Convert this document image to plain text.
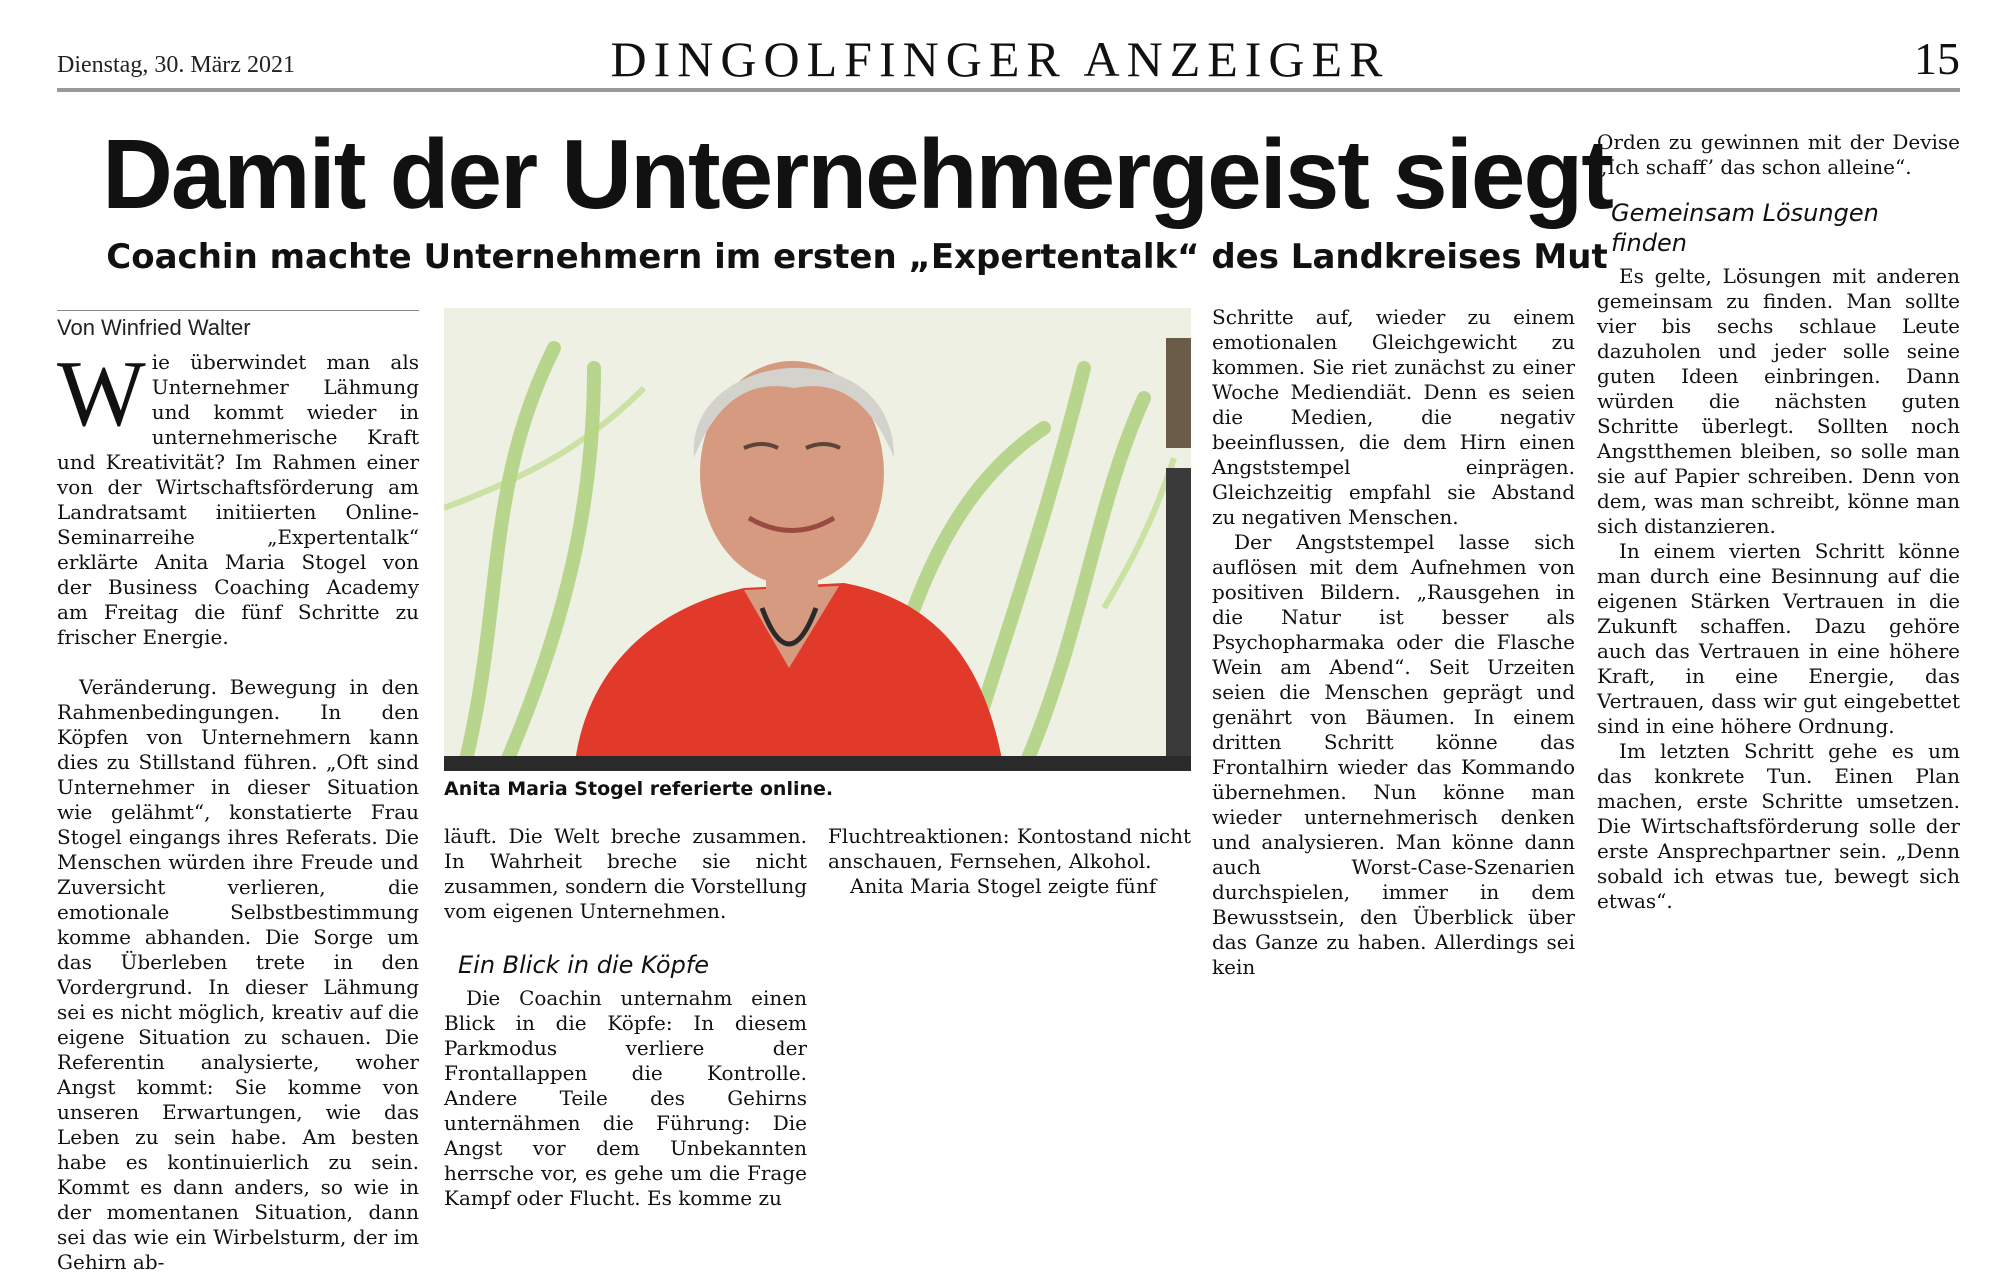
Dienstag, 30. März 2021	DINGOLFINGER ANZEIGER	15
Damit der Unternehmergeist siegt
Coachin machte Unternehmern im ersten „Expertentalk“ des Landkreises Mut
Von Winfried Walter

Wie überwindet man als Unternehmer Lähmung und kommt wieder in unternehmerische Kraft und Kreativität? Im Rahmen einer von der Wirtschaftsförderung am Landratsamt initiierten Online-Seminarreihe „Expertentalk“ erklärte Anita Maria Stogel von der Business Coaching Academy am Freitag die fünf Schritte zu frischer Energie.

Veränderung. Bewegung in den Rahmenbedingungen. In den Köpfen von Unternehmern kann dies zu Stillstand führen. „Oft sind Unternehmer in dieser Situation wie gelähmt“, konstatierte Frau Stogel eingangs ihres Referats. Die Menschen würden ihre Freude und Zuversicht verlieren, die emotionale Selbstbestimmung komme abhanden. Die Sorge um das Überleben trete in den Vordergrund. In dieser Lähmung sei es nicht möglich, kreativ auf die eigene Situation zu schauen. Die Referentin analysierte, woher Angst kommt: Sie komme von unseren Erwartungen, wie das Leben zu sein habe. Am besten habe es kontinuierlich zu sein. Kommt es dann anders, so wie in der momentanen Situation, dann sei das wie ein Wirbelsturm, der im Gehirn ab-

Anita Maria Stogel referierte online.

läuft. Die Welt breche zusammen. In Wahrheit breche sie nicht zusammen, sondern die Vorstellung vom eigenen Unternehmen.

Ein Blick in die Köpfe

Die Coachin unternahm einen Blick in die Köpfe: In diesem Parkmodus verliere der Frontallappen die Kontrolle. Andere Teile des Gehirns unternähmen die Führung: Die Angst vor dem Unbekannten herrsche vor, es gehe um die Frage Kampf oder Flucht. Es komme zu

Fluchtreaktionen: Kontostand nicht anschauen, Fernsehen, Alkohol.

Anita Maria Stogel zeigte fünf

Schritte auf, wieder zu einem emotionalen Gleichgewicht zu kommen. Sie riet zunächst zu einer Woche Mediendiät. Denn es seien die Medien, die negativ beeinflussen, die dem Hirn einen Angststempel einprägen. Gleichzeitig empfahl sie Abstand zu negativen Menschen.

Der Angststempel lasse sich auflösen mit dem Aufnehmen von positiven Bildern. „Rausgehen in die Natur ist besser als Psychopharmaka oder die Flasche Wein am Abend“. Seit Urzeiten seien die Menschen geprägt und genährt von Bäumen. In einem dritten Schritt könne das Frontalhirn wieder das Kommando übernehmen. Nun könne man wieder unternehmerisch denken und analysieren. Man könne dann auch Worst-Case-Szenarien durchspielen, immer in dem Bewusstsein, den Überblick über das Ganze zu haben. Allerdings sei kein

Orden zu gewinnen mit der Devise „Ich schaff’ das schon alleine“.

Gemeinsam Lösungen finden

Es gelte, Lösungen mit anderen gemeinsam zu finden. Man sollte vier bis sechs schlaue Leute dazuholen und jeder solle seine guten Ideen einbringen. Dann würden die nächsten guten Schritte überlegt. Sollten noch Angstthemen bleiben, so solle man sie auf Papier schreiben. Denn von dem, was man schreibt, könne man sich distanzieren.

In einem vierten Schritt könne man durch eine Besinnung auf die eigenen Stärken Vertrauen in die Zukunft schaffen. Dazu gehöre auch das Vertrauen in eine höhere Kraft, in eine Energie, das Vertrauen, dass wir gut eingebettet sind in eine höhere Ordnung.

Im letzten Schritt gehe es um das konkrete Tun. Einen Plan machen, erste Schritte umsetzen. Die Wirtschaftsförderung solle der erste Ansprechpartner sein. „Denn sobald ich etwas tue, bewegt sich etwas“.
